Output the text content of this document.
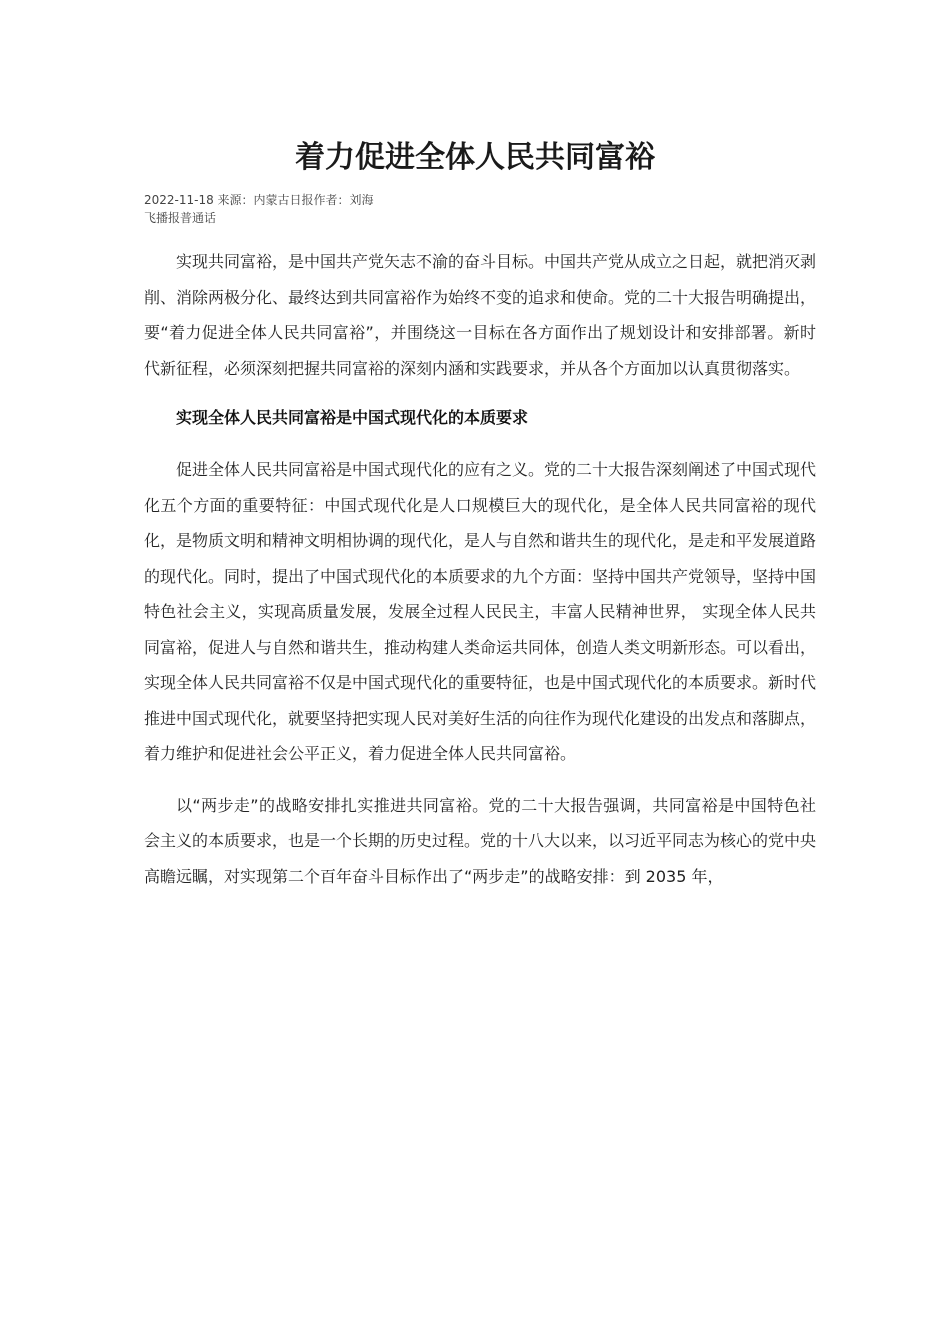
着力促进全体人民共同富裕
2022-11-18 来源：内蒙古日报作者：刘海
飞播报普通话

实现共同富裕，是中国共产党矢志不渝的奋斗目标。中国共产党从成立之日起，就把消灭剥削、消除两极分化、最终达到共同富裕作为始终不变的追求和使命。党的二十大报告明确提出，要“着力促进全体人民共同富裕”，并围绕这一目标在各方面作出了规划设计和安排部署。新时代新征程，必须深刻把握共同富裕的深刻内涵和实践要求，并从各个方面加以认真贯彻落实。

实现全体人民共同富裕是中国式现代化的本质要求

促进全体人民共同富裕是中国式现代化的应有之义。党的二十大报告深刻阐述了中国式现代化五个方面的重要特征：中国式现代化是人口规模巨大的现代化，是全体人民共同富裕的现代化，是物质文明和精神文明相协调的现代化，是人与自然和谐共生的现代化，是走和平发展道路的现代化。同时，提出了中国式现代化的本质要求的九个方面：坚持中国共产党领导，坚持中国特色社会主义，实现高质量发展，发展全过程人民民主，丰富人民精神世界， 实现全体人民共同富裕，促进人与自然和谐共生，推动构建人类命运共同体，创造人类文明新形态。可以看出，实现全体人民共同富裕不仅是中国式现代化的重要特征，也是中国式现代化的本质要求。新时代推进中国式现代化，就要坚持把实现人民对美好生活的向往作为现代化建设的出发点和落脚点，着力维护和促进社会公平正义，着力促进全体人民共同富裕。

以“两步走”的战略安排扎实推进共同富裕。党的二十大报告强调，共同富裕是中国特色社会主义的本质要求，也是一个长期的历史过程。党的十八大以来，以习近平同志为核心的党中央高瞻远瞩，对实现第二个百年奋斗目标作出了“两步走”的战略安排：到 2035 年，
